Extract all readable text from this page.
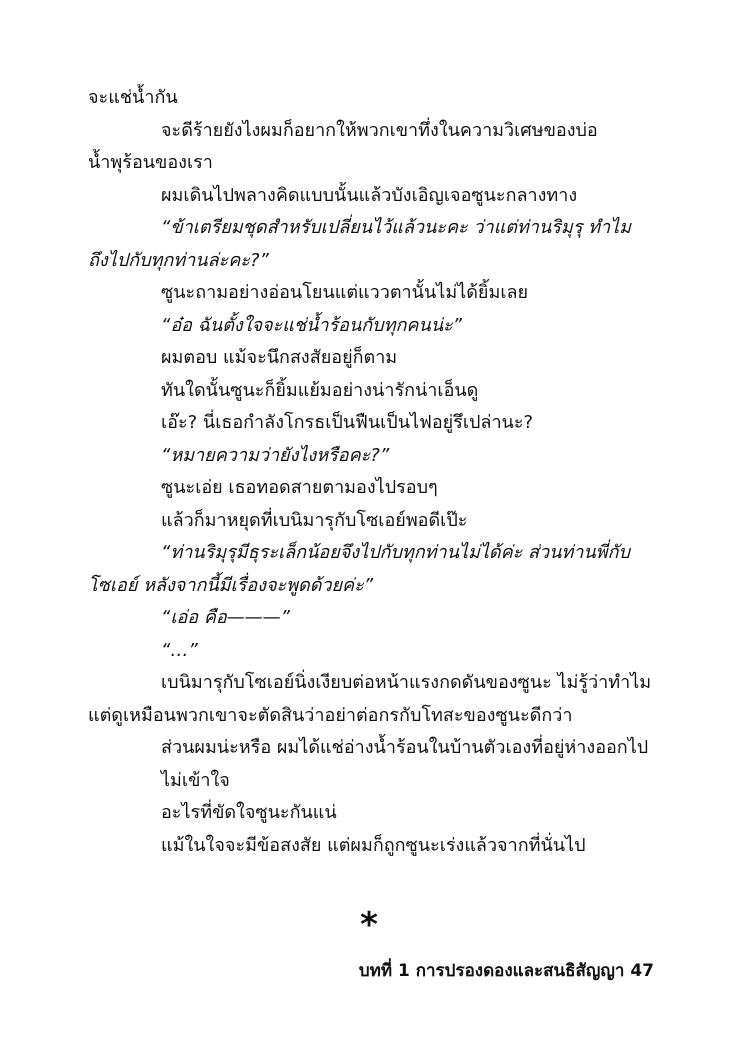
จะแช่น้ำกัน
จะดีร้ายยังไงผมก็อยากให้พวกเขาทึ่งในความวิเศษของบ่อ
น้ำพุร้อนของเรา
ผมเดินไปพลางคิดแบบนั้นแล้วบังเอิญเจอซูนะกลางทาง
“ข้าเตรียมชุดสำหรับเปลี่ยนไว้แล้วนะคะ ว่าแต่ท่านริมุรุ ทำไม
ถึงไปกับทุกท่านล่ะคะ?”
ซูนะถามอย่างอ่อนโยนแต่แววตานั้นไม่ได้ยิ้มเลย
“อ๋อ ฉันตั้งใจจะแช่น้ำร้อนกับทุกคนน่ะ”
ผมตอบ แม้จะนึกสงสัยอยู่ก็ตาม
ทันใดนั้นซูนะก็ยิ้มแย้มอย่างน่ารักน่าเอ็นดู
เอ๊ะ? นี่เธอกำลังโกรธเป็นฟืนเป็นไฟอยู่รึเปล่านะ?
“หมายความว่ายังไงหรือคะ?”
ซูนะเอ่ย เธอทอดสายตามองไปรอบๆ
แล้วก็มาหยุดที่เบนิมารุกับโซเอย์พอดีเป๊ะ
“ท่านริมุรุมีธุระเล็กน้อยจึงไปกับทุกท่านไม่ได้ค่ะ ส่วนท่านพี่กับ
โซเอย์ หลังจากนี้มีเรื่องจะพูดด้วยค่ะ”
“เอ่อ คือ———”
“…”
เบนิมารุกับโซเอย์นิ่งเงียบต่อหน้าแรงกดดันของซูนะ ไม่รู้ว่าทำไม
แต่ดูเหมือนพวกเขาจะตัดสินว่าอย่าต่อกรกับโทสะของซูนะดีกว่า
ส่วนผมน่ะหรือ ผมได้แช่อ่างน้ำร้อนในบ้านตัวเองที่อยู่ห่างออกไป
ไม่เข้าใจ
อะไรที่ขัดใจซูนะกันแน่
แม้ในใจจะมีข้อสงสัย แต่ผมก็ถูกซูนะเร่งแล้วจากที่นั่นไป
*
บทที่ 1 การปรองดองและสนธิสัญญา 47
